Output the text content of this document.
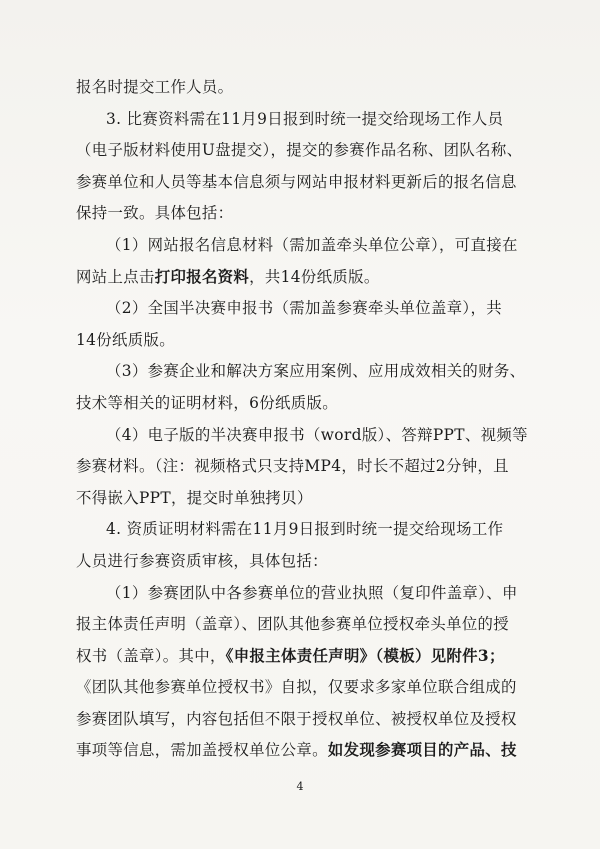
报名时提交工作人员。
3. 比赛资料需在11月9日报到时统一提交给现场工作人员
（电子版材料使用U盘提交），提交的参赛作品名称、团队名称、
参赛单位和人员等基本信息须与网站申报材料更新后的报名信息
保持一致。具体包括：
（1）网站报名信息材料（需加盖牵头单位公章），可直接在
网站上点击打印报名资料，共14份纸质版。
（2）全国半决赛申报书（需加盖参赛牵头单位盖章），共
14份纸质版。
（3）参赛企业和解决方案应用案例、应用成效相关的财务、
技术等相关的证明材料，6份纸质版。
（4）电子版的半决赛申报书（word版）、答辩PPT、视频等
参赛材料。（注：视频格式只支持MP4，时长不超过2分钟，且
不得嵌入PPT，提交时单独拷贝）
4. 资质证明材料需在11月9日报到时统一提交给现场工作
人员进行参赛资质审核，具体包括：
（1）参赛团队中各参赛单位的营业执照（复印件盖章）、申
报主体责任声明（盖章）、团队其他参赛单位授权牵头单位的授
权书（盖章）。其中，《申报主体责任声明》（模板）见附件3；
《团队其他参赛单位授权书》自拟，仅要求多家单位联合组成的
参赛团队填写，内容包括但不限于授权单位、被授权单位及授权
事项等信息，需加盖授权单位公章。如发现参赛项目的产品、技
4
